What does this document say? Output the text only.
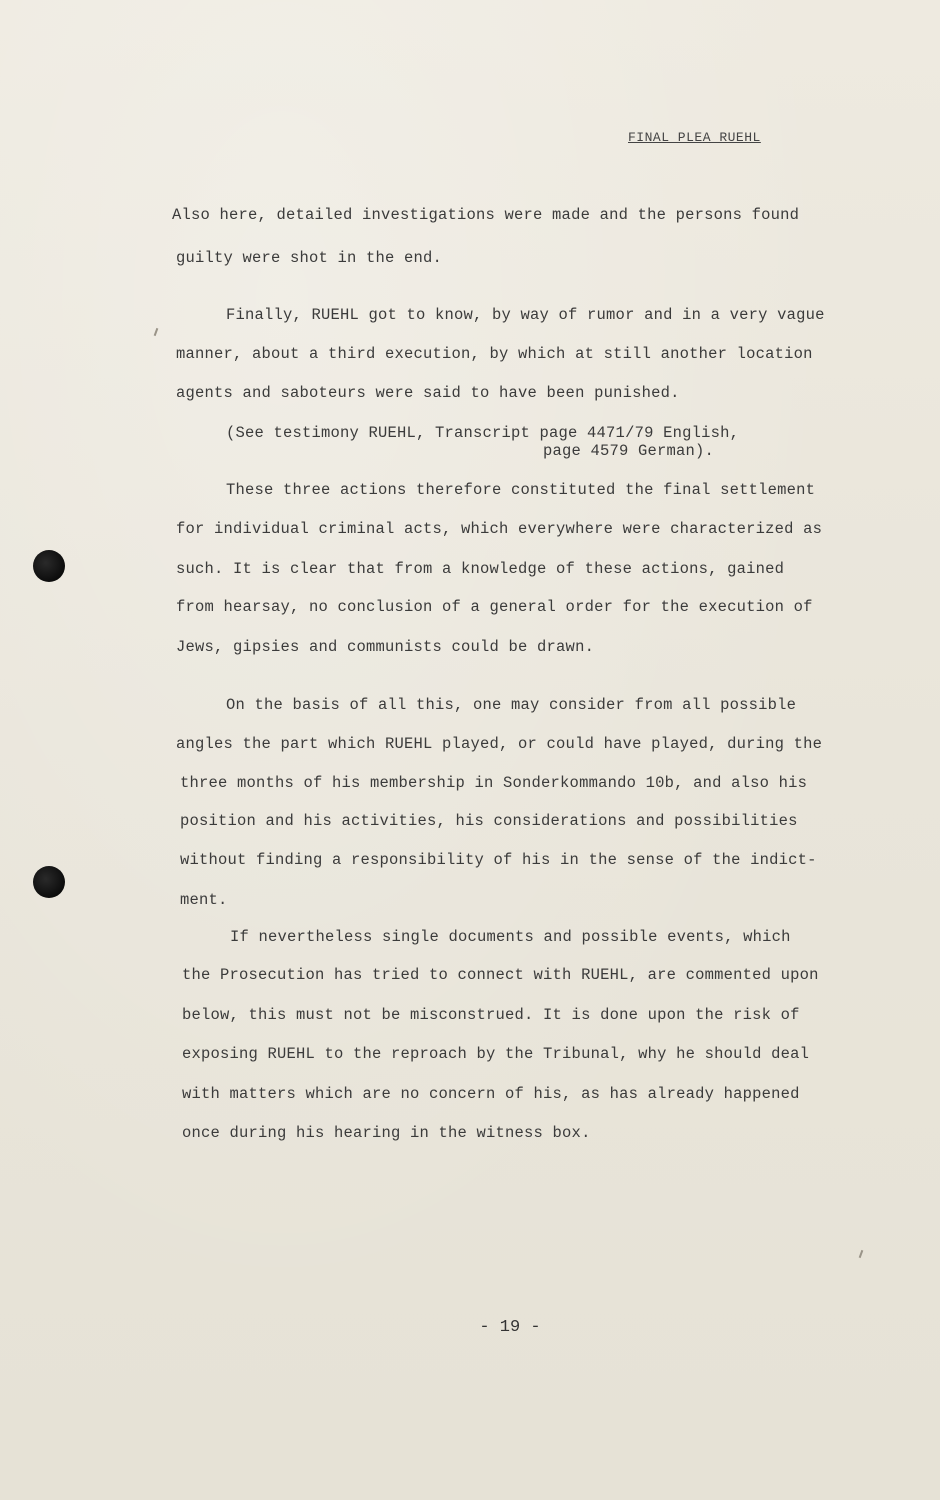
FINAL PLEA RUEHL
Also here, detailed investigations were made and the persons found
guilty were shot in the end.
Finally, RUEHL got to know, by way of rumor and in a very vague
manner, about a third execution, by which at still another location
agents and saboteurs were said to have been punished.
(See testimony RUEHL, Transcript page 4471/79 English,
page 4579 German).
These three actions therefore constituted the final settlement
for individual criminal acts, which everywhere were characterized as
such. It is clear that from a knowledge of these actions, gained
from hearsay, no conclusion of a general order for the execution of
Jews, gipsies and communists could be drawn.
On the basis of all this, one may consider from all possible
angles the part which RUEHL played, or could have played, during the
three months of his membership in Sonderkommando 10b, and also his
position and his activities, his considerations and possibilities
without finding a responsibility of his in the sense of the indict-
ment.
If nevertheless single documents and possible events, which
the Prosecution has tried to connect with RUEHL, are commented upon
below, this must not be misconstrued. It is done upon the risk of
exposing RUEHL to the reproach by the Tribunal, why he should deal
with matters which are no concern of his, as has already happened
once during his hearing in the witness box.
- 19 -
